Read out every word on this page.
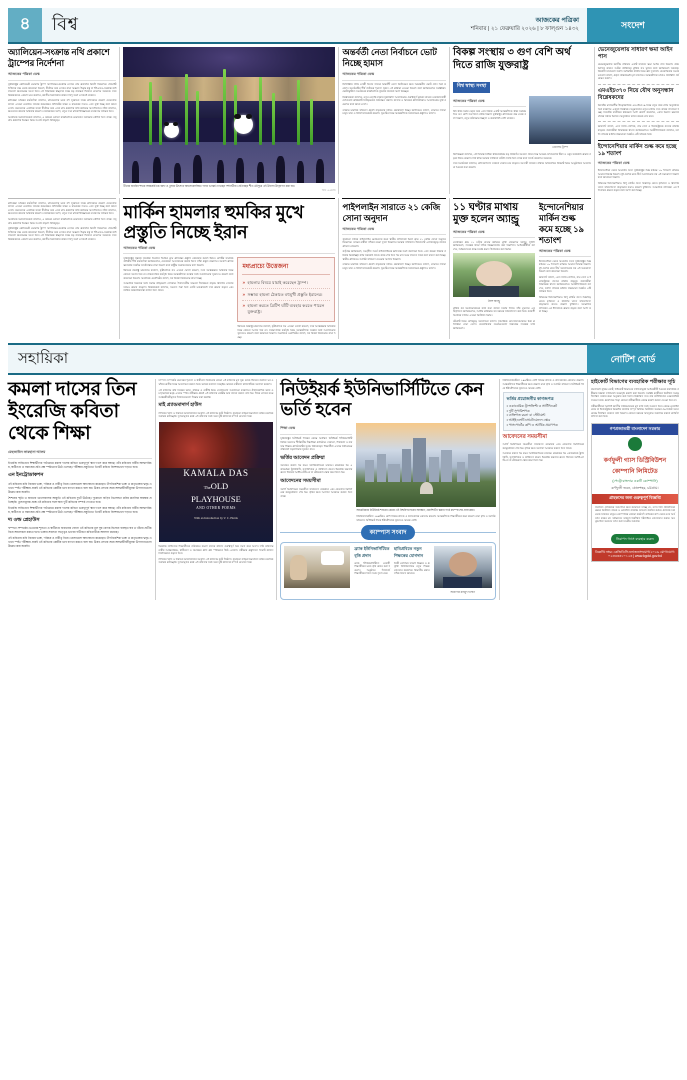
৪	বিশ্ব	আজকের পত্রিকা
শনিবার | ২১ ফেব্রুয়ারি ২০২৬ | ৮ ফাল্গুন ১৪৩২	সংদেশ
অ্যালিয়েন-সংক্রান্ত নথি প্রকাশে ট্রাম্পের নির্দেশনা
আজকের পত্রিকা ডেস্ক
যুক্তরাষ্ট্রের প্রেসিডেন্ট ডোনাল্ড ট্রাম্প অ্যালিয়েন-সংক্রান্ত গোপন নথি প্রকাশের নির্দেশ দিয়েছেন। হোয়াইট হাউসের পক্ষ থেকে জানানো হয়েছে, দীর্ঘদিন ধরে গোপন রাখা অজ্ঞাত উড়ন্ত বস্তু বা ইউএফও-সংক্রান্ত ফাইলগুলো জনসমক্ষে আনা হবে। এই সিদ্ধান্তকে স্বচ্ছতার পক্ষে বড় পদক্ষেপ হিসেবে দেখছেন অনেকে। তবে বিশ্লেষকদের একাংশ মনে করছেন, জাতীয় নিরাপত্তার কারণে কিছু অংশ গোপনই থাকবে।
প্রতিরক্ষা দপ্তরের কর্মকর্তারা বলছেন, নথিগুলোর মধ্যে বহু পুরোনো তদন্ত প্রতিবেদন রয়েছে যেগুলোর ব্যাখ্যা এখনো মেলেনি। সাবেক কয়েকজন পাইলটের সাক্ষ্য ও রাডারের তথ্যও এতে যুক্ত হচ্ছে বলে জানা গেছে। কংগ্রেসের একাধিক সদস্য দীর্ঘদিন ধরে এসব নথি প্রকাশের দাবি জানিয়ে আসছিলেন। তাঁরা বলছেন, জনগণের জানার অধিকার রয়েছে। গবেষকদের আশা, নতুন তথ্য মহাকাশবিজ্ঞানের গবেষণায় সহায়ক হবে।
অন্যদিকে সমালোচকেরা বলছেন, এ ধরনের ঘোষণা রাজনৈতিক মনোযোগ সরানোর কৌশল হতে পারে। তবু নথি প্রকাশের দিনক্ষণ নিয়ে আগ্রহ বাড়ছে বিশ্বজুড়ে।
চীনের হারবিন শহরে আন্তর্জাতিক বরফ ও তুষার উৎসবে আলোকসজ্জিত পান্ডা ভাস্কর্য দেখছেন দর্শনার্থীরা। প্রতিবছর শীত মৌসুমে এই উৎসব উদ্‌যাপন করা হয়।
ছবি: এএফপি
অন্তর্বর্তী নেতা নির্বাচনে ভোট নিচ্ছে হামাস
আজকের পত্রিকা ডেস্ক
ফিলিস্তিনি সশস্ত্র গোষ্ঠী হামাস তাদের অন্তর্বর্তী নেতা নির্বাচনের জন্য অভ্যন্তরীণ ভোট গ্রহণ শুরু করেছে। সংগঠনটির শীর্ষ পর্যায়ের শূন্যতা পূরণে এই প্রক্রিয়া নেওয়া হয়েছে বলে জানিয়েছেন সংশ্লিষ্টরা। ভোটাভুটিতে সংগঠনের রাজনৈতিক ব্যুরোর সদস্যরা অংশ নিচ্ছেন।
বিশ্লেষকেরা বলছেন, নতুন নেতৃত্ব গাজার যুদ্ধবিরতি আলোচনায় গুরুত্বপূর্ণ ভূমিকা রাখবে। মধ্যস্থতাকারী দেশগুলো প্রক্রিয়াটি নিবিড়ভাবে পর্যবেক্ষণ করছে। কাতার ও মিসরের প্রতিনিধিরাও আলোচনায় যুক্ত রয়েছেন বলে জানা গেছে।
গাজায় মানবিক সহায়তা প্রবেশ বাড়ানোর দাবিও জোরালো হচ্ছে। জাতিসংঘ বলছে, সেখানে লাখো মানুষ খাদ্য ও চিকিৎসাসংকটে রয়েছে। পুনর্গঠন নিয়ে আন্তর্জাতিক সম্মেলনের প্রস্তুতিও চলছে।
বিকল্প সংস্থায় ৩ গুণ বেশি অর্থ দিতে রাজি যুক্তরাষ্ট্র
বিশ্ব স্বাস্থ্য সংস্থা
আজকের পত্রিকা ডেস্ক
বিশ্ব স্বাস্থ্য সংস্থা থেকে সরে এসে বিকল্প একটি আন্তর্জাতিক স্বাস্থ্য সংস্থায় তিন গুণ বেশি অর্থ দিতে রাজি হয়েছে যুক্তরাষ্ট্র। প্রশাসনের পক্ষ থেকে বলা হয়েছে, নতুন কাঠামোয় স্বচ্ছতা ও জবাবদিহি বেশি থাকবে।
ডোনাল্ড ট্রাম্প
বিশেষজ্ঞরা বলছেন, এই সিদ্ধান্ত বৈশ্বিক স্বাস্থ্যব্যবস্থায় বড় পরিবর্তন আনতে পারে। নিম্ন আয়ের দেশগুলোর টিকা ও ওষুধ সরবরাহে প্রভাব পড়ার শঙ্কাও রয়েছে। বিশ্ব স্বাস্থ্য সংস্থার তহবিলে ঘাটতি তৈরি হতে পারে বলে সতর্ক করেছেন অনেকে।
তবে সমর্থকেরা বলছেন, প্রতিযোগিতা থাকলে সেবার মান বাড়বে। আগামী সাধারণ পরিষদ অধিবেশনে বিষয়টি নিয়ে আনুষ্ঠানিক আলোচনা হওয়ার কথা রয়েছে।
প্রতিরক্ষা দপ্তরের কর্মকর্তারা বলছেন, নথিগুলোর মধ্যে বহু পুরোনো তদন্ত প্রতিবেদন রয়েছে যেগুলোর ব্যাখ্যা এখনো মেলেনি। সাবেক কয়েকজন পাইলটের সাক্ষ্য ও রাডারের তথ্যও এতে যুক্ত হচ্ছে বলে জানা গেছে। কংগ্রেসের একাধিক সদস্য দীর্ঘদিন ধরে এসব নথি প্রকাশের দাবি জানিয়ে আসছিলেন। তাঁরা বলছেন, জনগণের জানার অধিকার রয়েছে। গবেষকদের আশা, নতুন তথ্য মহাকাশবিজ্ঞানের গবেষণায় সহায়ক হবে।
অন্যদিকে সমালোচকেরা বলছেন, এ ধরনের ঘোষণা রাজনৈতিক মনোযোগ সরানোর কৌশল হতে পারে। তবু নথি প্রকাশের দিনক্ষণ নিয়ে আগ্রহ বাড়ছে বিশ্বজুড়ে।
যুক্তরাষ্ট্রের প্রেসিডেন্ট ডোনাল্ড ট্রাম্প অ্যালিয়েন-সংক্রান্ত গোপন নথি প্রকাশের নির্দেশ দিয়েছেন। হোয়াইট হাউসের পক্ষ থেকে জানানো হয়েছে, দীর্ঘদিন ধরে গোপন রাখা অজ্ঞাত উড়ন্ত বস্তু বা ইউএফও-সংক্রান্ত ফাইলগুলো জনসমক্ষে আনা হবে। এই সিদ্ধান্তকে স্বচ্ছতার পক্ষে বড় পদক্ষেপ হিসেবে দেখছেন অনেকে। তবে বিশ্লেষকদের একাংশ মনে করছেন, জাতীয় নিরাপত্তার কারণে কিছু অংশ গোপনই থাকবে।
মার্কিন হামলার হুমকির মুখে প্রস্তুতি নিচ্ছে ইরান
আজকের পত্রিকা ডেস্ক
যুক্তরাষ্ট্রের সম্ভাব্য সামরিক হামলার হুমকির মুখে প্রতিরক্ষা প্রস্তুতি জোরদার করছে ইরান। দেশটির সামরিক বাহিনীর শীর্ষ কর্মকর্তারা জানিয়েছেন, যেকোনো আগ্রাসনের জবাব দিতে তাঁরা প্রস্তুত রয়েছেন। আকাশ প্রতিরক্ষাব্যবস্থা সর্বোচ্চ সতর্কাবস্থায় রাখা হয়েছে বলে রাষ্ট্রীয় সংবাদমাধ্যমে বলা হয়েছে।
ইরানের পররাষ্ট্র মন্ত্রণালয় বলেছে, কূটনৈতিক পথ এখনো খোলা রয়েছে, তবে আত্মরক্ষার অধিকার নিয়ে কোনো আপস হবে না। পারমাণবিক কর্মসূচি নিয়ে আন্তর্জাতিক সংস্থার সঙ্গে আলোচনার সুযোগও রয়েছে বলে জানানো হয়েছে। অন্যদিকে ওয়াশিংটন বলছে, সব বিকল্প বিবেচনায় রাখা হচ্ছে।
আঞ্চলিক মিত্রদের সঙ্গে সমন্বয় বাড়িয়েছে তেহরান। উপসাগরীয় অঞ্চলে উত্তেজনা বাড়ায় জ্বালানি তেলের দামেও প্রভাব পড়েছে। বিশ্লেষকেরা বলছেন, সংঘাত শুরু হলে গোটা মধ্যপ্রাচ্যেই তার প্রভাব পড়বে এবং বৈশ্বিক সরবরাহব্যবস্থা ব্যাহত হতে পারে।
মধ্যপ্রাচ্যে উত্তেজনা
» হামলার বিষয়ে যাচাই করেছেন ট্রাম্প।
» সম্ভাব্য হামলা ঠেকাতে বহুমুখী প্রস্তুতি ইরানের।
» হামলা করতে ব্রিটিশ ঘাঁটি ব্যবহার করতে পারেন যুক্তরাষ্ট্র।
ইরানের পররাষ্ট্র মন্ত্রণালয় বলেছে, কূটনৈতিক পথ এখনো খোলা রয়েছে, তবে আত্মরক্ষার অধিকার নিয়ে কোনো আপস হবে না। পারমাণবিক কর্মসূচি নিয়ে আন্তর্জাতিক সংস্থার সঙ্গে আলোচনার সুযোগও রয়েছে বলে জানানো হয়েছে। অন্যদিকে ওয়াশিংটন বলছে, সব বিকল্প বিবেচনায় রাখা হচ্ছে।
পাইপলাইন সারাতে ২১ কেজি সোনা অনুদান
আজকের পত্রিকা ডেস্ক
পুরোনো পানির পাইপলাইন মেরামতের জন্য স্থানীয় বাসিন্দারা মিলে প্রায় ২১ কেজি সোনা অনুদান দিয়েছেন। গ্রামের নারীরা তাঁদের গয়না তুলে দিয়েছেন সংস্কার তহবিলে। উদ্যোগটি এলাকাজুড়ে ব্যাপক প্রশংসা পেয়েছে।
কর্তৃপক্ষ জানিয়েছে, সংগৃহীত অর্থে পাইপলাইনের ক্ষতিগ্রস্ত অংশ বদলানো হবে। এতে কয়েক হাজার পরিবার নিরবচ্ছিন্ন পানি সরবরাহ পাবে। কাজ শেষ হতে ছয় মাস সময় লাগতে পারে বলে ধারণা করা হচ্ছে। স্থানীয় প্রশাসনও আর্থিক সহায়তা দেওয়ার আশ্বাস দিয়েছে।
গাজায় মানবিক সহায়তা প্রবেশ বাড়ানোর দাবিও জোরালো হচ্ছে। জাতিসংঘ বলছে, সেখানে লাখো মানুষ খাদ্য ও চিকিৎসাসংকটে রয়েছে। পুনর্গঠন নিয়ে আন্তর্জাতিক সম্মেলনের প্রস্তুতিও চলছে।
১১ ঘণ্টার মাথায় মুক্ত হলেন অ্যান্ড্রু
আজকের পত্রিকা ডেস্ক
গ্রেপ্তারের প্রায় ১১ ঘণ্টার মাথায় জামিনে মুক্তি পেয়েছেন অ্যান্ড্রু। পুলিশ জানিয়েছে, তদন্তের স্বার্থে তাঁকে জিজ্ঞাসাবাদ করা হয়েছিল। আইনজীবীরা বলছেন, অভিযোগের পক্ষে যথেষ্ট প্রমাণ উপস্থাপন করা হয়নি।
প্রিন্স অ্যান্ড্রু
মুক্তির পর সংবাদমাধ্যমের সঙ্গে কথা বলতে চাননি তিনি। তাঁর মুখপাত্র এক বিবৃতিতে জানিয়েছেন, আইনি প্রক্রিয়ায় সব ধরনের সহযোগিতা করা হবে। পরবর্তী শুনানির তারিখ এখনো নির্ধারিত হয়নি।
ঘটনাটি নিয়ে দেশজুড়ে আলোচনা চলছে। সামাজিক যোগাযোগমাধ্যমে মিশ্র প্রতিক্রিয়া দেখা গেছে। মানবাধিকার সংগঠনগুলো নিরপেক্ষ তদন্তের দাবি জানিয়েছে।
ইন্দোনেশিয়ার মার্কিন শুল্ক কমে হচ্ছে ১৯ শতাংশ
আজকের পত্রিকা ডেস্ক
ইন্দোনেশিয়া থেকে আমদানি পণ্যে যুক্তরাষ্ট্রের শুল্ক কমিয়ে ১৯ শতাংশে নামিয়ে আনার সিদ্ধান্ত হয়েছে। দুই দেশের মধ্যে দীর্ঘ আলোচনার পর এই সমঝোতা হয়েছে বলে জানানো হয়েছে।
জাকার্তা বলছে, এতে তৈরি পোশাক, পাম তেল ও ইলেকট্রনিক পণ্যের রপ্তানি বাড়বে। ব্যবসায়ীরা সিদ্ধান্তকে স্বাগত জানিয়েছেন। অর্থনীতিবিদেরা বলছেন, চলতি বছরের রপ্তানি লক্ষ্যমাত্রা অর্জনে এটি সহায়ক হবে।
বিনিময়ে ইন্দোনেশিয়াও কিছু মার্কিন পণ্যে শুল্কছাড় দেবে। কৃষিপণ্য ও জ্বালানি খাতে সহযোগিতা বাড়ানোর কথাও রয়েছে চুক্তিতে। আঞ্চলিক বাণিজ্যে এর ইতিবাচক প্রভাব পড়বে বলে আশা করা হচ্ছে।
ভেনেজুয়েলায় সাধারণ ক্ষমা আইন পাস
ভেনেজুয়েলার জাতীয় পরিষদে একটি সাধারণ ক্ষমা আইন পাস হয়েছে। রাজনৈতিক কারণে আটক ব্যক্তিদের মুক্তির পথ খুলবে বলে জানিয়েছে সরকার। বিরোধী দলগুলো অবশ্য আইনটির পরিধি নিয়ে প্রশ্ন তুলেছে। মানবাধিকার সংগঠনগুলো বলছে, প্রকৃত বাস্তবায়নই মূল চ্যালেঞ্জ। আন্তর্জাতিক মহলও পরিস্থিতি পর্যবেক্ষণ করছে।
এমএইচ৩৭০ নিয়ে যৌথ অনুসন্ধান বিশ্লেষকদের
নিখোঁজ মালয়েশীয় উড়োজাহাজ এমএইচ৩৭০ নিয়ে নতুন করে যৌথ অনুসন্ধান শুরু করেছেন একদল বিশ্লেষক। সমুদ্রতলের নতুন ম্যাপিং তথ্য কাজে লাগানো হচ্ছে। নিখোঁজ যাত্রীদের স্বজনেরা আশা প্রকাশ করেছেন, এবার হয়তো ধ্বংসাবশেষের সন্ধান মিলবে। অনুসন্ধান চলবে কয়েক মাস ধরে।
জাকার্তা বলছে, এতে তৈরি পোশাক, পাম তেল ও ইলেকট্রনিক পণ্যের রপ্তানি বাড়বে। ব্যবসায়ীরা সিদ্ধান্তকে স্বাগত জানিয়েছেন। অর্থনীতিবিদেরা বলছেন, চলতি বছরের রপ্তানি লক্ষ্যমাত্রা অর্জনে এটি সহায়ক হবে।
ইন্দোনেশিয়ার মার্কিন শুল্ক কমে হচ্ছে ১৯ শতাংশ
আজকের পত্রিকা ডেস্ক
ইন্দোনেশিয়া থেকে আমদানি পণ্যে যুক্তরাষ্ট্রের শুল্ক কমিয়ে ১৯ শতাংশে নামিয়ে আনার সিদ্ধান্ত হয়েছে। দুই দেশের মধ্যে দীর্ঘ আলোচনার পর এই সমঝোতা হয়েছে বলে জানানো হয়েছে।
বিনিময়ে ইন্দোনেশিয়াও কিছু মার্কিন পণ্যে শুল্কছাড় দেবে। কৃষিপণ্য ও জ্বালানি খাতে সহযোগিতা বাড়ানোর কথাও রয়েছে চুক্তিতে। আঞ্চলিক বাণিজ্যে এর ইতিবাচক প্রভাব পড়বে বলে আশা করা হচ্ছে।
সহায়িকা	নোটিশ বোর্ড
কমলা দাসের তিন ইংরেজি কবিতা থেকে শিক্ষা
মেহজাবিন ফারহানা আলম
ইংরেজি সাহিত্যের শিক্ষার্থীদের পাঠ্যক্রমে কমলা দাসের কবিতা গুরুত্বপূর্ণ স্থান দখল করে আছে। তাঁর কবিতায় নারীর আত্মপরিচয়, স্বাধীনতা ও সমাজের প্রতি প্রশ্ন স্পষ্টভাবে উঠে এসেছে। পরীক্ষার প্রস্তুতিতে তিনটি কবিতা বিশেষভাবে পড়তে হবে।
এন ইনট্রোডাকশন
এই কবিতায় কবি নিজের ভাষা, পরিচয় ও নারীত্ব নিয়ে খোলামেলা আলোচনা করেছেন। ঔপনিবেশিক ভাষা ও মাতৃভাষার দ্বন্দ্ব এখানে স্পষ্ট। পরীক্ষায় প্রায়ই এই কবিতার কেন্দ্রীয় ভাব ব্যাখ্যা করতে বলা হয়। উত্তর লেখার সময় আত্মজীবনীমূলক উপাদানগুলো উল্লেখ করা জরুরি।
শৈশবের স্মৃতি ও হারানো ভালোবাসার আকুতি এই কবিতায় ফুটে উঠেছে। পুরোনো বাড়ির নিঃসঙ্গতা কবির মানসিক অবস্থার প্রতিচ্ছবি। তুলনামূলক প্রশ্নে এই কবিতার সঙ্গে অন্য দুটি কবিতার সম্পর্ক দেখাতে হবে।
ইংরেজি সাহিত্যের শিক্ষার্থীদের পাঠ্যক্রমে কমলা দাসের কবিতা গুরুত্বপূর্ণ স্থান দখল করে আছে। তাঁর কবিতায় নারীর আত্মপরিচয়, স্বাধীনতা ও সমাজের প্রতি প্রশ্ন স্পষ্টভাবে উঠে এসেছে। পরীক্ষার প্রস্তুতিতে তিনটি কবিতা বিশেষভাবে পড়তে হবে।
দ্য ওল্ড প্লেহাউস
দাম্পত্য সম্পর্কের ভেতরের শূন্যতা ও স্বাধীনতা হারানোর বেদনা এই কবিতার মূল সুর। রূপক হিসেবে ব্যবহৃত ঘর ও খাঁচার প্রতীক নিয়ে আলোচনা করতে হবে। ভাষার সরলতা সত্ত্বেও ভাবের গভীরতা কবিতাটিকে আলাদা করেছে।
এই কবিতায় কবি নিজের ভাষা, পরিচয় ও নারীত্ব নিয়ে খোলামেলা আলোচনা করেছেন। ঔপনিবেশিক ভাষা ও মাতৃভাষার দ্বন্দ্ব এখানে স্পষ্ট। পরীক্ষায় প্রায়ই এই কবিতার কেন্দ্রীয় ভাব ব্যাখ্যা করতে বলা হয়। উত্তর লেখার সময় আত্মজীবনীমূলক উপাদানগুলো উল্লেখ করা জরুরি।
দাম্পত্য সম্পর্কের ভেতরের শূন্যতা ও স্বাধীনতা হারানোর বেদনা এই কবিতার মূল সুর। রূপক হিসেবে ব্যবহৃত ঘর ও খাঁচার প্রতীক নিয়ে আলোচনা করতে হবে। ভাষার সরলতা সত্ত্বেও ভাবের গভীরতা কবিতাটিকে আলাদা করেছে।
এই কবিতায় কবি নিজের ভাষা, পরিচয় ও নারীত্ব নিয়ে খোলামেলা আলোচনা করেছেন। ঔপনিবেশিক ভাষা ও মাতৃভাষার দ্বন্দ্ব এখানে স্পষ্ট। পরীক্ষায় প্রায়ই এই কবিতার কেন্দ্রীয় ভাব ব্যাখ্যা করতে বলা হয়। উত্তর লেখার সময় আত্মজীবনীমূলক উপাদানগুলো উল্লেখ করা জরুরি।
মাই গ্র্যান্ডমাদার্স হাউস
শৈশবের স্মৃতি ও হারানো ভালোবাসার আকুতি এই কবিতায় ফুটে উঠেছে। পুরোনো বাড়ির নিঃসঙ্গতা কবির মানসিক অবস্থার প্রতিচ্ছবি। তুলনামূলক প্রশ্নে এই কবিতার সঙ্গে অন্য দুটি কবিতার সম্পর্ক দেখাতে হবে।
KAMALA DAS
TheOLD
PLAYHOUSE
AND OTHER POEMS
With an Introduction by V. C. Harris
ইংরেজি সাহিত্যের শিক্ষার্থীদের পাঠ্যক্রমে কমলা দাসের কবিতা গুরুত্বপূর্ণ স্থান দখল করে আছে। তাঁর কবিতায় নারীর আত্মপরিচয়, স্বাধীনতা ও সমাজের প্রতি প্রশ্ন স্পষ্টভাবে উঠে এসেছে। পরীক্ষার প্রস্তুতিতে তিনটি কবিতা বিশেষভাবে পড়তে হবে।
শৈশবের স্মৃতি ও হারানো ভালোবাসার আকুতি এই কবিতায় ফুটে উঠেছে। পুরোনো বাড়ির নিঃসঙ্গতা কবির মানসিক অবস্থার প্রতিচ্ছবি। তুলনামূলক প্রশ্নে এই কবিতার সঙ্গে অন্য দুটি কবিতার সম্পর্ক দেখাতে হবে।
নিউইয়র্ক ইউনিভার্সিটিতে কেন ভর্তি হবেন
শিক্ষা ডেস্ক
যুক্তরাষ্ট্রের নিউইয়র্ক শহরের কেন্দ্রে অবস্থিত নিউইয়র্ক ইউনিভার্সিটি বিশ্বের অন্যতম শীর্ষস্থানীয় উচ্চশিক্ষা প্রতিষ্ঠান। গবেষণা, শিল্পকলা ও ব্যবসায় শিক্ষায় প্রতিষ্ঠানটির সুনাম বিশ্বজোড়া। শিক্ষার্থীরা এখানে বৈচিত্র্যময় পরিবেশে পড়াশোনার সুযোগ পান।
ভর্তির আবেদন প্রক্রিয়া
আবেদন করতে হয় কমন অ্যাপ্লিকেশনের মাধ্যমে। প্রয়োজন হয় একাডেমিক ট্রান্সক্রিপ্ট, সুপারিশপত্র ও ব্যক্তিগত রচনা। ইংরেজি দক্ষতার প্রমাণ হিসেবে আইইএলটিএস বা টোয়েফল স্কোর জমা দিতে হয়।
আবেদনের সময়সীমা
আর্লি ডিসিশনের সময়সীমা সাধারণত নভেম্বরে এবং রেগুলার ডিসিশনের জানুয়ারিতে শেষ হয়। বৃত্তির জন্য আলাদা আবেদন করতে হতে পারে।
আমেরিকার নিউইয়র্ক শহরের কেন্দ্রে এই বিশ্ববিদ্যালয়ের অবস্থান; ওয়াশিংটন স্কয়ার পার্ক ক্যাম্পাসের প্রাণকেন্দ্র।
বিশ্ববিদ্যালয়টিতে ২০০টিরও বেশি বিষয়ে স্নাতক ও স্নাতকোত্তর প্রোগ্রাম রয়েছে। আন্তর্জাতিক শিক্ষার্থীদের জন্য রয়েছে নানা বৃত্তি ও আর্থিক সহায়তা। নিউইয়র্ক শহরে ইন্টার্নশিপের সুযোগও অনেক বেশি।
ক্যাম্পাস সংবাদ
ব্র্যাক ইউনিভার্সিটিতে বৃত্তি প্রদান
ব্র্যাক ইউনিভার্সিটিতে মেধাবী শিক্ষার্থীদের মধ্যে বৃত্তি প্রদান করা হয়েছে। অনুষ্ঠানে উপাচার্য শিক্ষার্থীদের হাতে সনদ তুলে দেন।
হাবিপ্রবিতে নতুন শিক্ষকের যোগদান
হাজী মোহাম্মদ দানেশ বিজ্ঞান ও প্রযুক্তি বিশ্ববিদ্যালয়ে নতুন শিক্ষক যোগদান করেছেন। বিভাগীয় প্রধান তাঁকে স্বাগত জানান।
অধ্যাপক মাহমুদ হাসান
বিশ্ববিদ্যালয়টিতে ২০০টিরও বেশি বিষয়ে স্নাতক ও স্নাতকোত্তর প্রোগ্রাম রয়েছে। আন্তর্জাতিক শিক্ষার্থীদের জন্য রয়েছে নানা বৃত্তি ও আর্থিক সহায়তা। নিউইয়র্ক শহরে ইন্টার্নশিপের সুযোগও অনেক বেশি।
ভর্তির প্রয়োজনীয় কাগজপত্র
• একাডেমিক ট্রান্সক্রিপ্ট ও সার্টিফিকেট
• দুটি সুপারিশপত্র
• ব্যক্তিগত রচনা বা স্টেটমেন্ট
• আইইএলটিএস/টোয়েফল স্কোর
• পাসপোর্টের কপি ও আর্থিক প্রমাণপত্র
আবেদনের সময়সীমা
আর্লি ডিসিশনের সময়সীমা সাধারণত নভেম্বরে এবং রেগুলার ডিসিশনের জানুয়ারিতে শেষ হয়। বৃত্তির জন্য আলাদা আবেদন করতে হতে পারে।
আবেদন করতে হয় কমন অ্যাপ্লিকেশনের মাধ্যমে। প্রয়োজন হয় একাডেমিক ট্রান্সক্রিপ্ট, সুপারিশপত্র ও ব্যক্তিগত রচনা। ইংরেজি দক্ষতার প্রমাণ হিসেবে আইইএলটিএস বা টোয়েফল স্কোর জমা দিতে হয়।
হাইকোর্ট বিভাগের ব্যবহারিক পরীক্ষার সূচি
বাংলাদেশ সুপ্রিম কোর্ট, হাইকোর্ট বিভাগের তালিকাভুক্ত আইনজীবী হওয়ার ব্যবহারিক পরীক্ষার সম্ভাব্য তারিখসহ সময়সূচি প্রকাশ করা হয়েছে। সংশ্লিষ্ট প্রার্থীদের নির্ধারিত সময়ে উপস্থিত থাকার জন্য অনুরোধ করা হলো। বিস্তারিত তথ্য বার কাউন্সিলের ওয়েবসাইটে পাওয়া যাবে। প্রবেশপত্র ছাড়া কোনো পরীক্ষার্থীকে কেন্দ্রে প্রবেশ করতে দেওয়া হবে না।
পরীক্ষার্থীদের অবশ্যই জাতীয় পরিচয়পত্রের মূল কপি সঙ্গে আনতে হবে। কেন্দ্রে মোবাইল ফোন বা ইলেকট্রনিক ডিভাইস ব্যবহার সম্পূর্ণ নিষিদ্ধ। নির্ধারিত সময়ের ৩০ মিনিট আগে কেন্দ্রে উপস্থিত থাকতে বলা হয়েছে। কোনো ধরনের অসদুপায় অবলম্বন করলে প্রার্থিতা বাতিল করা হবে।
গণপ্রজাতন্ত্রী বাংলাদেশ সরকার
কর্ণফুলী গ্যাস ডিস্ট্রিবিউশন কোম্পানি লিমিটেড
(পেট্রোবাংলার একটি কোম্পানি)
কর্ণফুলী ভবন, ষোলশহর, চট্টগ্রাম।
গ্রাহকদের জন্য গুরুত্বপূর্ণ বিজ্ঞপ্তি
সম্মানিত গ্রাহকদের অবগতির জন্য জানানো যাচ্ছে যে, গ্যাস বিল পরিশোধের ক্ষেত্রে নির্ধারিত ব্যাংক ও মোবাইল ব্যাংকিং চ্যানেল ব্যবহার করুন। প্রতারক চক্র থেকে সাবধান থাকুন। কোম্পানির কোনো কর্মকর্তা গ্রাহকের কাছ থেকে নগদ অর্থ গ্রহণ করেন না। অভিযোগ থাকলে নির্ধারিত হটলাইনে যোগাযোগ করুন। অননুমোদিত সংযোগ গ্রহণ করা দণ্ডনীয় অপরাধ।
নিরাপদ গ্যাস ব্যবহার করুন
বিজ্ঞপ্তি নম্বর: কেজিডিসিএল/জনসংযোগ/২০২৬ যোগাযোগ: ০২৩৩৩৩১০১২৩ | www.kgdcl.gov.bd
